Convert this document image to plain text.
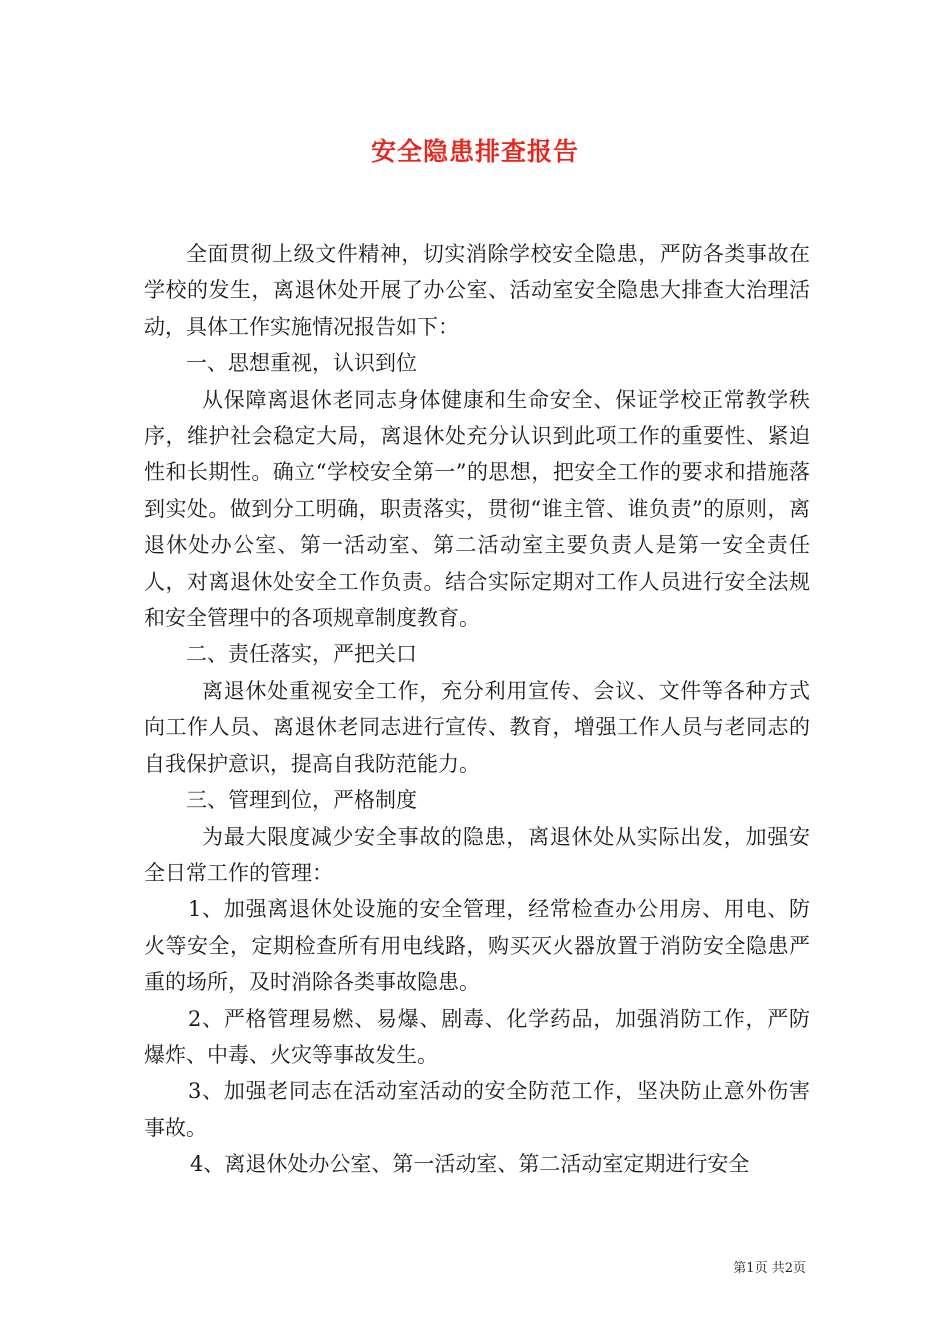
安全隐患排查报告

全面贯彻上级文件精神，切实消除学校安全隐患，严防各类事故在学校的发生，离退休处开展了办公室、活动室安全隐患大排查大治理活动，具体工作实施情况报告如下：

一、思想重视，认识到位

从保障离退休老同志身体健康和生命安全、保证学校正常教学秩序，维护社会稳定大局，离退休处充分认识到此项工作的重要性、紧迫性和长期性。确立“学校安全第一”的思想，把安全工作的要求和措施落到实处。做到分工明确，职责落实，贯彻“谁主管、谁负责”的原则，离退休处办公室、第一活动室、第二活动室主要负责人是第一安全责任人，对离退休处安全工作负责。结合实际定期对工作人员进行安全法规和安全管理中的各项规章制度教育。

二、责任落实，严把关口

离退休处重视安全工作，充分利用宣传、会议、文件等各种方式向工作人员、离退休老同志进行宣传、教育，增强工作人员与老同志的自我保护意识，提高自我防范能力。

三、管理到位，严格制度

为最大限度减少安全事故的隐患，离退休处从实际出发，加强安全日常工作的管理：

1、加强离退休处设施的安全管理，经常检查办公用房、用电、防火等安全，定期检查所有用电线路，购买灭火器放置于消防安全隐患严重的场所，及时消除各类事故隐患。

2、严格管理易燃、易爆、剧毒、化学药品，加强消防工作，严防爆炸、中毒、火灾等事故发生。

3、加强老同志在活动室活动的安全防范工作，坚决防止意外伤害事故。

4、离退休处办公室、第一活动室、第二活动室定期进行安全

第1页 共2页
